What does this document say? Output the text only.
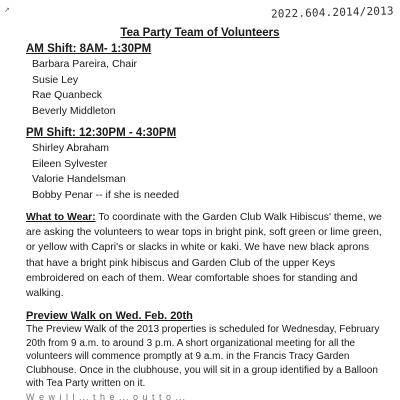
↗	2022.604.2014/2013
Tea Party Team of Volunteers

AM Shift: 8AM- 1:30PM

Barbara Pareira, Chair

Susie Ley

Rae Quanbeck

Beverly Middleton

PM Shift: 12:30PM - 4:30PM

Shirley Abraham

Eileen Sylvester

Valorie Handelsman

Bobby Penar -- if she is needed

What to Wear: To coordinate with the Garden Club Walk Hibiscus' theme, we are asking the volunteers to wear tops in bright pink, soft green or lime green, or yellow with Capri's or slacks in white or kaki. We have new black aprons that have a bright pink hibiscus and Garden Club of the upper Keys embroidered on each of them. Wear comfortable shoes for standing and walking.

Preview Walk on Wed. Feb. 20th

The Preview Walk of the 2013 properties is scheduled for Wednesday, February 20th from 9 a.m. to around 3 p.m. A short organizational meeting for all the volunteers will commence promptly at 9 a.m. in the Francis Tracy Garden Clubhouse. Once in the clubhouse, you will sit in a group identified by a Balloon with Tea Party written on it.

W e w i l l ... t h e ... o u t t o ...
